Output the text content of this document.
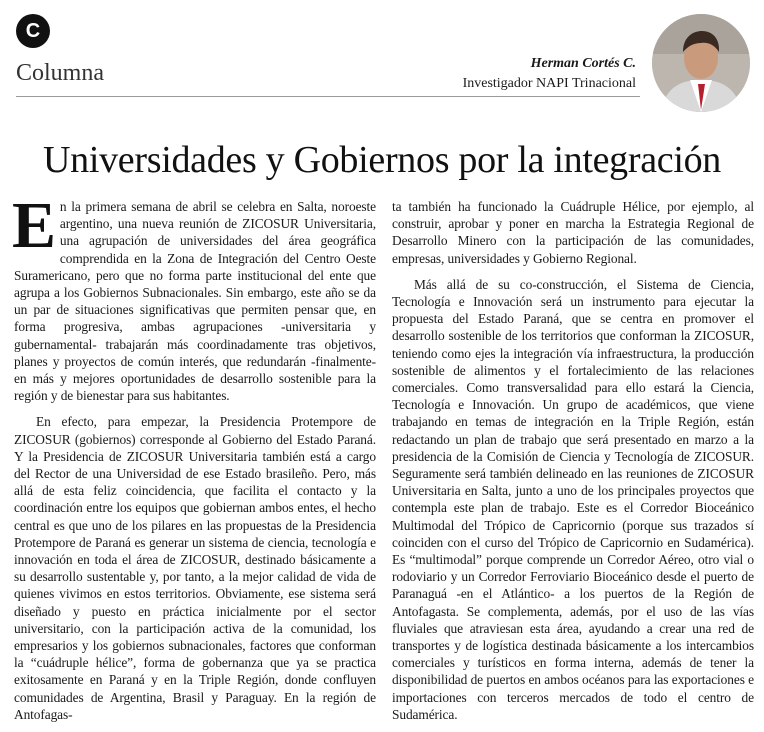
C
Columna	Herman Cortés C.
Investigador NAPI Trinacional
Universidades y Gobiernos por la integración

En la primera semana de abril se celebra en Salta, noroeste argentino, una nueva reunión de ZICOSUR Universitaria, una agrupación de universidades del área geográfica comprendida en la Zona de Integración del Centro Oeste Suramericano, pero que no forma parte institucional del ente que agrupa a los Gobiernos Subnacionales. Sin embargo, este año se da un par de situaciones significativas que permiten pensar que, en forma progresiva, ambas agrupaciones -universitaria y gubernamental- trabajarán más coordinadamente tras objetivos, planes y proyectos de común interés, que redundarán -finalmente- en más y mejores oportunidades de desarrollo sostenible para la región y de bienestar para sus habitantes.

En efecto, para empezar, la Presidencia Protempore de ZICOSUR (gobiernos) corresponde al Gobierno del Estado Paraná. Y la Presidencia de ZICOSUR Universitaria también está a cargo del Rector de una Universidad de ese Estado brasileño. Pero, más allá de esta feliz coincidencia, que facilita el contacto y la coordinación entre los equipos que gobiernan ambos entes, el hecho central es que uno de los pilares en las propuestas de la Presidencia Protempore de Paraná es generar un sistema de ciencia, tecnología e innovación en toda el área de ZICOSUR, destinado básicamente a su desarrollo sustentable y, por tanto, a la mejor calidad de vida de quienes vivimos en estos territorios. Obviamente, ese sistema será diseñado y puesto en práctica inicialmente por el sector universitario, con la participación activa de la comunidad, los empresarios y los gobiernos subnacionales, factores que conforman la “cuádruple hélice”, forma de gobernanza que ya se practica exitosamente en Paraná y en la Triple Región, donde confluyen comunidades de Argentina, Brasil y Paraguay. En la región de Antofagas-

ta también ha funcionado la Cuádruple Hélice, por ejemplo, al construir, aprobar y poner en marcha la Estrategia Regional de Desarrollo Minero con la participación de las comunidades, empresas, universidades y Gobierno Regional.

Más allá de su co-construcción, el Sistema de Ciencia, Tecnología e Innovación será un instrumento para ejecutar la propuesta del Estado Paraná, que se centra en promover el desarrollo sostenible de los territorios que conforman la ZICOSUR, teniendo como ejes la integración vía infraestructura, la producción sostenible de alimentos y el fortalecimiento de las relaciones comerciales. Como transversalidad para ello estará la Ciencia, Tecnología e Innovación. Un grupo de académicos, que viene trabajando en temas de integración en la Triple Región, están redactando un plan de trabajo que será presentado en marzo a la presidencia de la Comisión de Ciencia y Tecnología de ZICOSUR. Seguramente será también delineado en las reuniones de ZICOSUR Universitaria en Salta, junto a uno de los principales proyectos que contempla este plan de trabajo. Este es el Corredor Bioceánico Multimodal del Trópico de Capricornio (porque sus trazados sí coinciden con el curso del Trópico de Capricornio en Sudamérica). Es “multimodal” porque comprende un Corredor Aéreo, otro vial o rodoviario y un Corredor Ferroviario Bioceánico desde el puerto de Paranaguá -en el Atlántico- a los puertos de la Región de Antofagasta. Se complementa, además, por el uso de las vías fluviales que atraviesan esta área, ayudando a crear una red de transportes y de logística destinada básicamente a los intercambios comerciales y turísticos en forma interna, además de tener la disponibilidad de puertos en ambos océanos para las exportaciones e importaciones con terceros mercados de todo el centro de Sudamérica.
